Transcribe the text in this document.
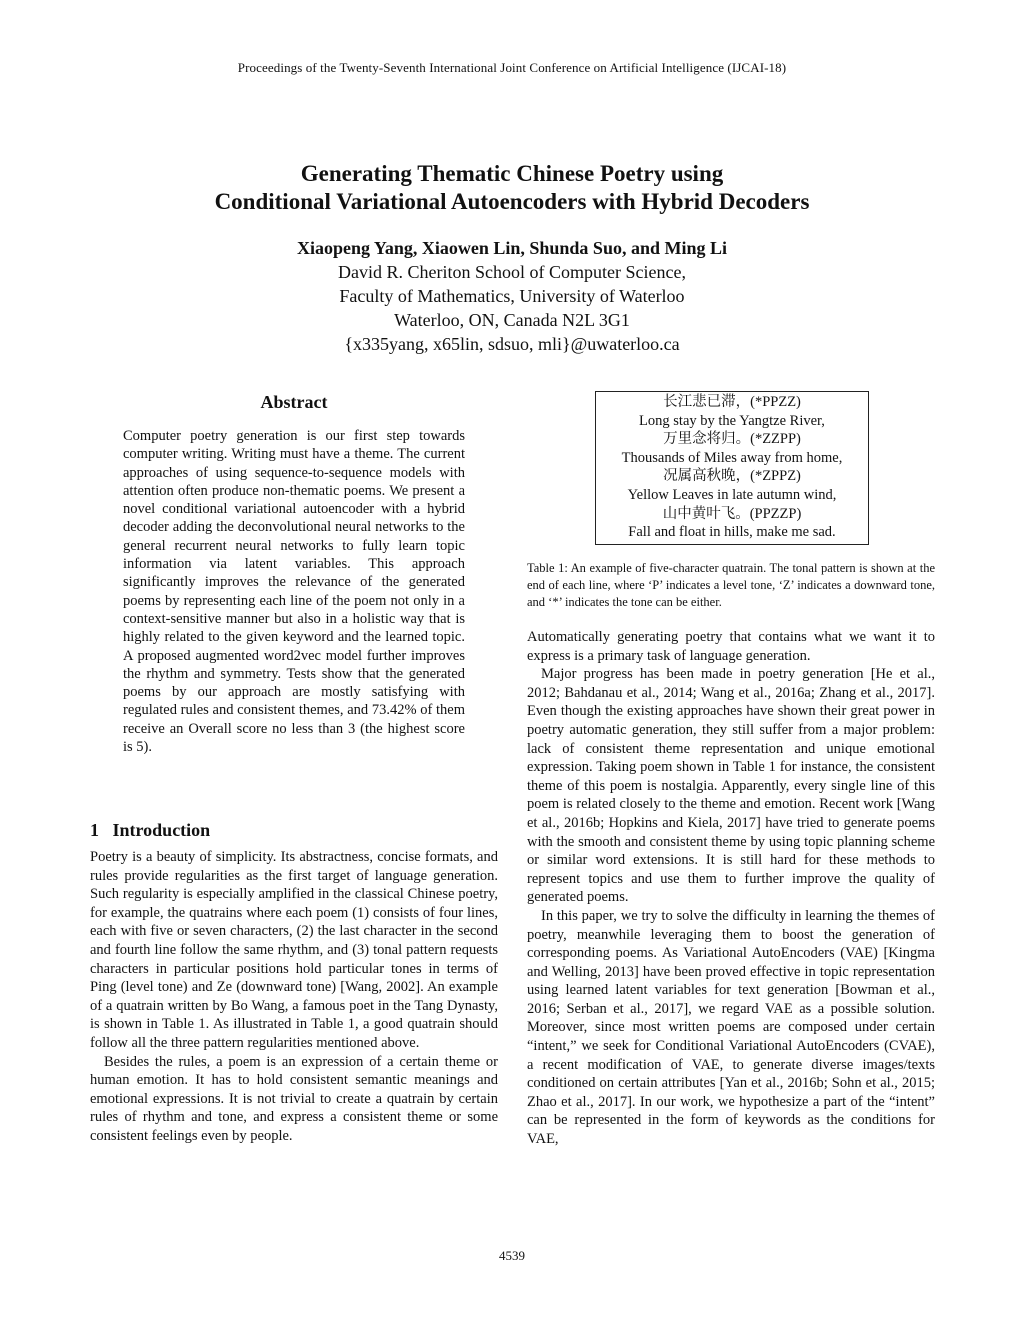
Proceedings of the Twenty-Seventh International Joint Conference on Artificial Intelligence (IJCAI-18)
Generating Thematic Chinese Poetry using
Conditional Variational Autoencoders with Hybrid Decoders
Xiaopeng Yang, Xiaowen Lin, Shunda Suo, and Ming Li
David R. Cheriton School of Computer Science,
Faculty of Mathematics, University of Waterloo
Waterloo, ON, Canada N2L 3G1
{x335yang, x65lin, sdsuo, mli}@uwaterloo.ca
Abstract
Computer poetry generation is our first step towards computer writing. Writing must have a theme. The current approaches of using sequence-to-sequence models with attention often produce non-thematic poems. We present a novel conditional variational autoencoder with a hybrid decoder adding the deconvolutional neural networks to the general recurrent neural networks to fully learn topic information via latent variables. This approach significantly improves the relevance of the generated poems by representing each line of the poem not only in a context-sensitive manner but also in a holistic way that is highly related to the given keyword and the learned topic. A proposed augmented word2vec model further improves the rhythm and symmetry. Tests show that the generated poems by our approach are mostly satisfying with regulated rules and consistent themes, and 73.42% of them receive an Overall score no less than 3 (the highest score is 5).
1   Introduction

Poetry is a beauty of simplicity. Its abstractness, concise formats, and rules provide regularities as the first target of language generation. Such regularity is especially amplified in the classical Chinese poetry, for example, the quatrains where each poem (1) consists of four lines, each with five or seven characters, (2) the last character in the second and fourth line follow the same rhythm, and (3) tonal pattern requests characters in particular positions hold particular tones in terms of Ping (level tone) and Ze (downward tone) [Wang, 2002]. An example of a quatrain written by Bo Wang, a famous poet in the Tang Dynasty, is shown in Table 1. As illustrated in Table 1, a good quatrain should follow all the three pattern regularities mentioned above.

Besides the rules, a poem is an expression of a certain theme or human emotion. It has to hold consistent semantic meanings and emotional expressions. It is not trivial to create a quatrain by certain rules of rhythm and tone, and express a consistent theme or some consistent feelings even by people.

长江悲已滞，(*PPZZ)
Long stay by the Yangtze River,
万里念将归。(*ZZPP)
Thousands of Miles away from home,
况属高秋晚，(*ZPPZ)
Yellow Leaves in late autumn wind,
山中黄叶飞。(PPZZP)
Fall and float in hills, make me sad.
Table 1: An example of five-character quatrain. The tonal pattern is shown at the end of each line, where ‘P’ indicates a level tone, ‘Z’ indicates a downward tone, and ‘*’ indicates the tone can be either.

Automatically generating poetry that contains what we want it to express is a primary task of language generation.

Major progress has been made in poetry generation [He et al., 2012; Bahdanau et al., 2014; Wang et al., 2016a; Zhang et al., 2017]. Even though the existing approaches have shown their great power in poetry automatic generation, they still suffer from a major problem: lack of consistent theme representation and unique emotional expression. Taking poem shown in Table 1 for instance, the consistent theme of this poem is nostalgia. Apparently, every single line of this poem is related closely to the theme and emotion. Recent work [Wang et al., 2016b; Hopkins and Kiela, 2017] have tried to generate poems with the smooth and consistent theme by using topic planning scheme or similar word extensions. It is still hard for these methods to represent topics and use them to further improve the quality of generated poems.

In this paper, we try to solve the difficulty in learning the themes of poetry, meanwhile leveraging them to boost the generation of corresponding poems. As Variational AutoEncoders (VAE) [Kingma and Welling, 2013] have been proved effective in topic representation using learned latent variables for text generation [Bowman et al., 2016; Serban et al., 2017], we regard VAE as a possible solution. Moreover, since most written poems are composed under certain “intent,” we seek for Conditional Variational AutoEncoders (CVAE), a recent modification of VAE, to generate diverse images/texts conditioned on certain attributes [Yan et al., 2016b; Sohn et al., 2015; Zhao et al., 2017]. In our work, we hypothesize a part of the “intent” can be represented in the form of keywords as the conditions for VAE,

4539
